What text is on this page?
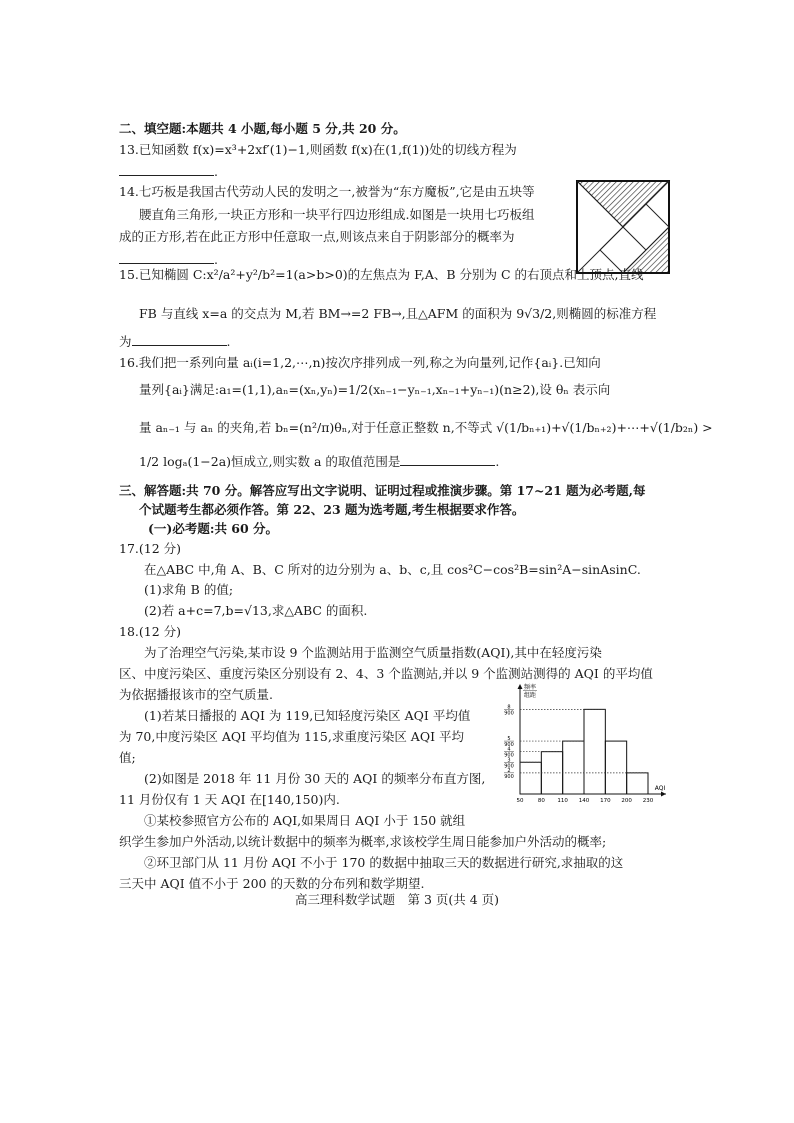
二、填空题:本题共 4 小题,每小题 5 分,共 20 分。
13.已知函数 f(x)=x³+2xf′(1)−1,则函数 f(x)在(1,f(1))处的切线方程为
.
14.七巧板是我国古代劳动人民的发明之一,被誉为“东方魔板”,它是由五块等
腰直角三角形,一块正方形和一块平行四边形组成.如图是一块用七巧板组
成的正方形,若在此正方形中任意取一点,则该点来自于阴影部分的概率为
.
15.已知椭圆 C:x²/a²+y²/b²=1(a>b>0)的左焦点为 F,A、B 分别为 C 的右顶点和上顶点,直线
FB 与直线 x=a 的交点为 M,若 BM→=2 FB→,且△AFM 的面积为 9√3/2,则椭圆的标准方程
为	.
16.我们把一系列向量 aᵢ(i=1,2,⋯,n)按次序排列成一列,称之为向量列,记作{aᵢ}.已知向
量列{aᵢ}满足:a₁=(1,1),aₙ=(xₙ,yₙ)=1/2(xₙ₋₁−yₙ₋₁,xₙ₋₁+yₙ₋₁)(n≥2),设 θₙ 表示向
量 aₙ₋₁ 与 aₙ 的夹角,若 bₙ=(n²/π)θₙ,对于任意正整数 n,不等式 √(1/bₙ₊₁)+√(1/bₙ₊₂)+⋯+√(1/b₂ₙ) >
1/2 logₐ(1−2a)恒成立,则实数 a 的取值范围是	.
三、解答题:共 70 分。解答应写出文字说明、证明过程或推演步骤。第 17~21 题为必考题,每
个试题考生都必须作答。第 22、23 题为选考题,考生根据要求作答。
(一)必考题:共 60 分。
17.(12 分)
在△ABC 中,角 A、B、C 所对的边分别为 a、b、c,且 cos²C−cos²B=sin²A−sinAsinC.
(1)求角 B 的值;
(2)若 a+c=7,b=√13,求△ABC 的面积.
18.(12 分)
为了治理空气污染,某市设 9 个监测站用于监测空气质量指数(AQI),其中在轻度污染
区、中度污染区、重度污染区分别设有 2、4、3 个监测站,并以 9 个监测站测得的 AQI 的平均值
为依据播报该市的空气质量.
(1)若某日播报的 AQI 为 119,已知轻度污染区 AQI 平均值
为 70,中度污染区 AQI 平均值为 115,求重度污染区 AQI 平均
值;
(2)如图是 2018 年 11 月份 30 天的 AQI 的频率分布直方图,
11 月份仅有 1 天 AQI 在[140,150)内.
①某校参照官方公布的 AQI,如果周日 AQI 小于 150 就组
织学生参加户外活动,以统计数据中的频率为概率,求该校学生周日能参加户外活动的概率;
②环卫部门从 11 月份 AQI 不小于 170 的数据中抽取三天的数据进行研究,求抽取的这
三天中 AQI 值不小于 200 的天数的分布列和数学期望.
2
900
3
900
4
900
5
900
8
900
50	80 110 140 170 200 230
频率
组距
AQI
高三理科数学试题　第 3 页(共 4 页)
